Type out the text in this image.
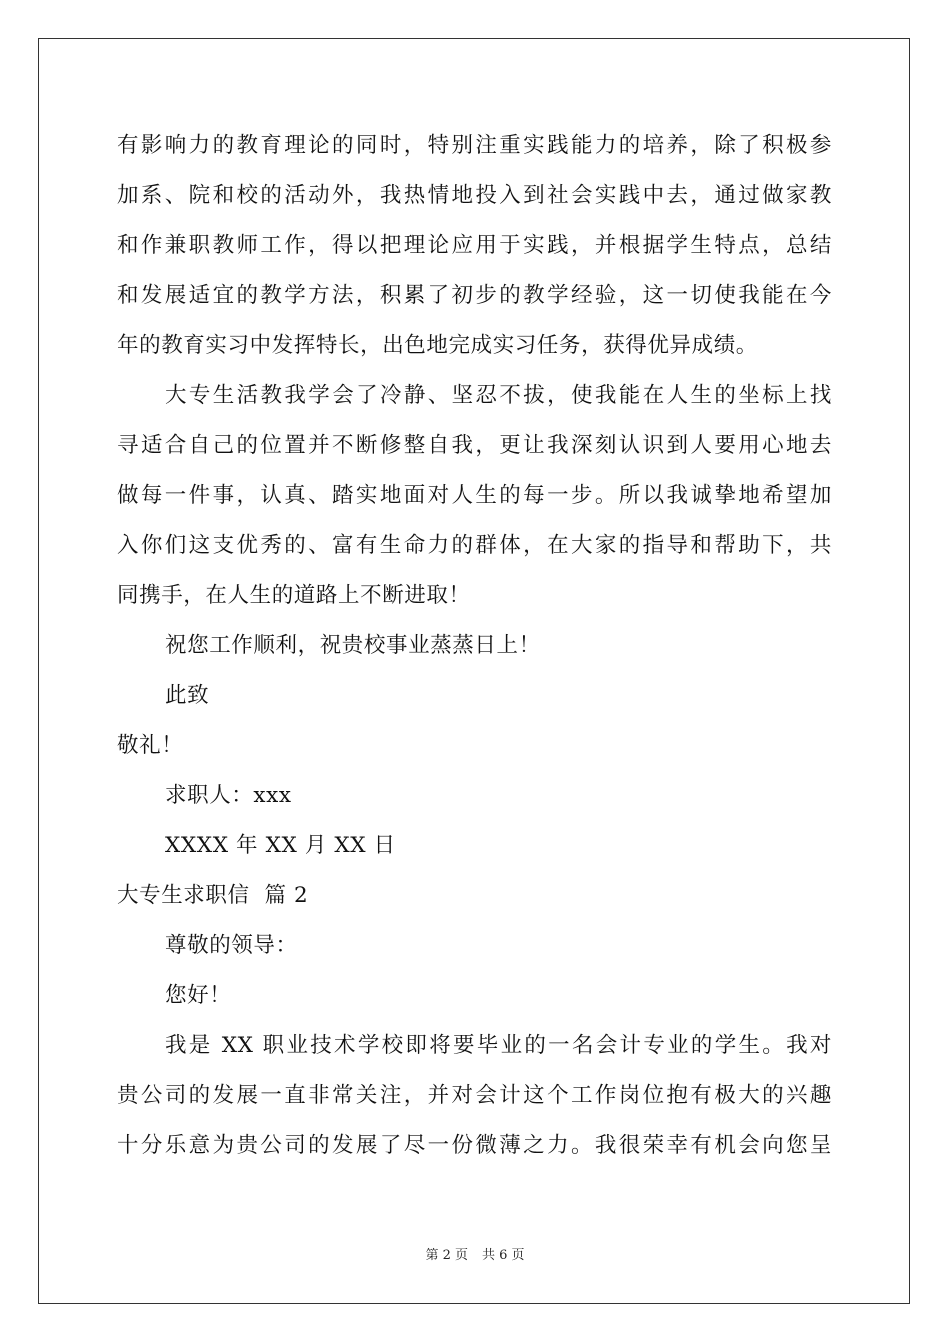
有影响力的教育理论的同时，特别注重实践能力的培养，除了积极参
加系、院和校的活动外，我热情地投入到社会实践中去，通过做家教
和作兼职教师工作，得以把理论应用于实践，并根据学生特点，总结
和发展适宜的教学方法，积累了初步的教学经验，这一切使我能在今
年的教育实习中发挥特长，出色地完成实习任务，获得优异成绩。
大专生活教我学会了冷静、坚忍不拔，使我能在人生的坐标上找
寻适合自己的位置并不断修整自我，更让我深刻认识到人要用心地去
做每一件事，认真、踏实地面对人生的每一步。所以我诚挚地希望加
入你们这支优秀的、富有生命力的群体，在大家的指导和帮助下，共
同携手，在人生的道路上不断进取！
祝您工作顺利，祝贵校事业蒸蒸日上！
此致
敬礼！
求职人：xxx
XXXX 年 XX 月 XX 日
大专生求职信  篇 2
尊敬的领导：
您好！
我是 XX 职业技术学校即将要毕业的一名会计专业的学生。我对
贵公司的发展一直非常关注，并对会计这个工作岗位抱有极大的兴趣
十分乐意为贵公司的发展了尽一份微薄之力。我很荣幸有机会向您呈
第 2 页 共 6 页
